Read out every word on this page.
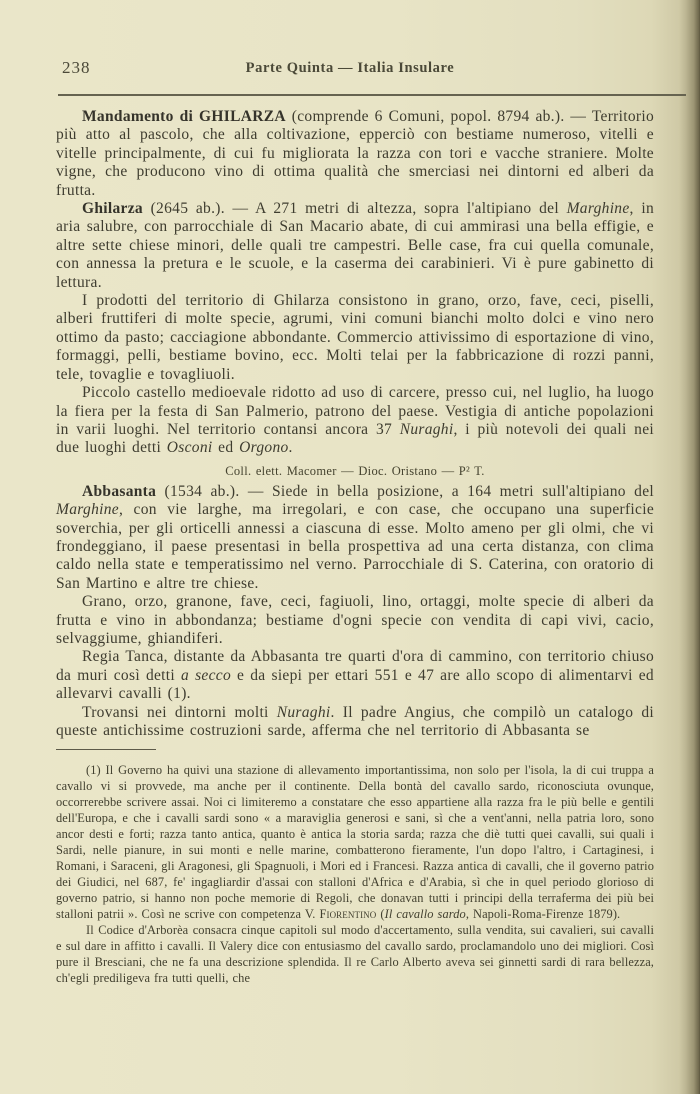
238	Parte Quinta — Italia Insulare

Mandamento di GHILARZA (comprende 6 Comuni, popol. 8794 ab.). — Territorio più atto al pascolo, che alla coltivazione, epperciò con bestiame numeroso, vitelli e vitelle principalmente, di cui fu migliorata la razza con tori e vacche straniere. Molte vigne, che producono vino di ottima qualità che smerciasi nei dintorni ed alberi da frutta.

Ghilarza (2645 ab.). — A 271 metri di altezza, sopra l'altipiano del Marghine, in aria salubre, con parrocchiale di San Macario abate, di cui ammirasi una bella effigie, e altre sette chiese minori, delle quali tre campestri. Belle case, fra cui quella comunale, con annessa la pretura e le scuole, e la caserma dei carabinieri. Vi è pure gabinetto di lettura.

I prodotti del territorio di Ghilarza consistono in grano, orzo, fave, ceci, piselli, alberi fruttiferi di molte specie, agrumi, vini comuni bianchi molto dolci e vino nero ottimo da pasto; cacciagione abbondante. Commercio attivissimo di esportazione di vino, formaggi, pelli, bestiame bovino, ecc. Molti telai per la fabbricazione di rozzi panni, tele, tovaglie e tovagliuoli.

Piccolo castello medioevale ridotto ad uso di carcere, presso cui, nel luglio, ha luogo la fiera per la festa di San Palmerio, patrono del paese. Vestigia di antiche popolazioni in varii luoghi. Nel territorio contansi ancora 37 Nuraghi, i più notevoli dei quali nei due luoghi detti Osconi ed Orgono.

Coll. elett. Macomer — Dioc. Oristano — P² T.

Abbasanta (1534 ab.). — Siede in bella posizione, a 164 metri sull'altipiano del Marghine, con vie larghe, ma irregolari, e con case, che occupano una superficie soverchia, per gli orticelli annessi a ciascuna di esse. Molto ameno per gli olmi, che vi frondeggiano, il paese presentasi in bella prospettiva ad una certa distanza, con clima caldo nella state e temperatissimo nel verno. Parrocchiale di S. Caterina, con oratorio di San Martino e altre tre chiese.

Grano, orzo, granone, fave, ceci, fagiuoli, lino, ortaggi, molte specie di alberi da frutta e vino in abbondanza; bestiame d'ogni specie con vendita di capi vivi, cacio, selvaggiume, ghiandiferi.

Regia Tanca, distante da Abbasanta tre quarti d'ora di cammino, con territorio chiuso da muri così detti a secco e da siepi per ettari 551 e 47 are allo scopo di alimentarvi ed allevarvi cavalli (1).

Trovansi nei dintorni molti Nuraghi. Il padre Angius, che compilò un catalogo di queste antichissime costruzioni sarde, afferma che nel territorio di Abbasanta se

(1) Il Governo ha quivi una stazione di allevamento importantissima, non solo per l'isola, la di cui truppa a cavallo vi si provvede, ma anche per il continente. Della bontà del cavallo sardo, riconosciuta ovunque, occorrerebbe scrivere assai. Noi ci limiteremo a constatare che esso appartiene alla razza fra le più belle e gentili dell'Europa, e che i cavalli sardi sono « a maraviglia generosi e sani, sì che a vent'anni, nella patria loro, sono ancor desti e forti; razza tanto antica, quanto è antica la storia sarda; razza che diè tutti quei cavalli, sui quali i Sardi, nelle pianure, in sui monti e nelle marine, combatterono fieramente, l'un dopo l'altro, i Cartaginesi, i Romani, i Saraceni, gli Aragonesi, gli Spagnuoli, i Mori ed i Francesi. Razza antica di cavalli, che il governo patrio dei Giudici, nel 687, fe' ingagliardir d'assai con stalloni d'Africa e d'Arabia, sì che in quel periodo glorioso di governo patrio, si hanno non poche memorie di Regoli, che donavan tutti i principi della terraferma dei più bei stalloni patrii ». Così ne scrive con competenza V. Fiorentino (Il cavallo sardo, Napoli-Roma-Firenze 1879).

Il Codice d'Arborèa consacra cinque capitoli sul modo d'accertamento, sulla vendita, sui cavalieri, sui cavalli e sul dare in affitto i cavalli. Il Valery dice con entusiasmo del cavallo sardo, proclamandolo uno dei migliori. Così pure il Bresciani, che ne fa una descrizione splendida. Il re Carlo Alberto aveva sei ginnetti sardi di rara bellezza, ch'egli prediligeva fra tutti quelli, che
